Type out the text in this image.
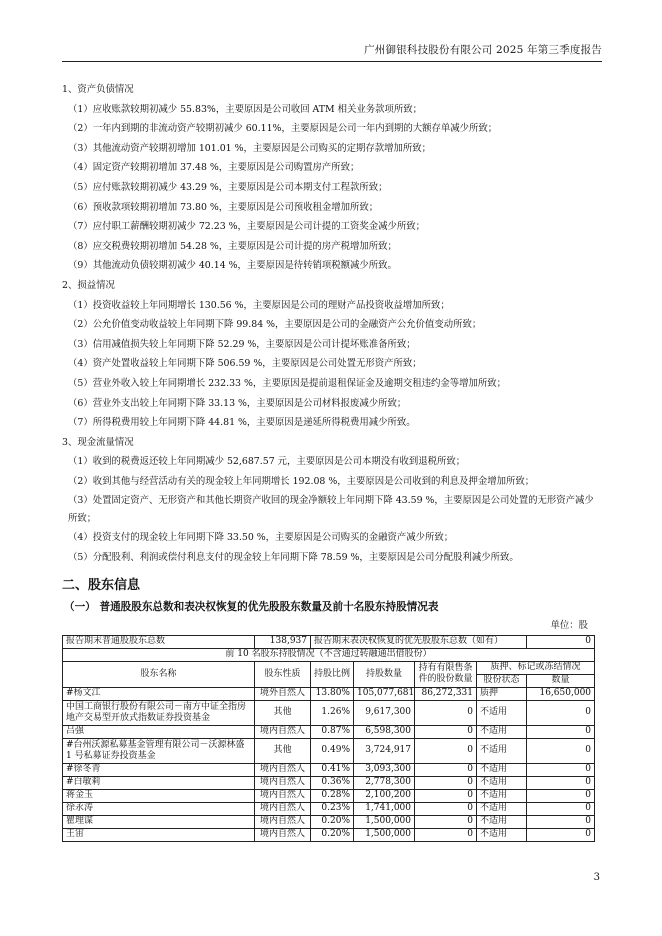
广州御银科技股份有限公司 2025 年第三季度报告
1、资产负债情况
（1）应收账款较期初减少 55.83%，主要原因是公司收回 ATM 相关业务款项所致；
（2）一年内到期的非流动资产较期初减少 60.11%，主要原因是公司一年内到期的大额存单减少所致；
（3）其他流动资产较期初增加 101.01 %，主要原因是公司购买的定期存款增加所致；
（4）固定资产较期初增加 37.48 %，主要原因是公司购置房产所致；
（5）应付账款较期初减少 43.29 %，主要原因是公司本期支付工程款所致；
（6）预收款项较期初增加 73.80 %，主要原因是公司预收租金增加所致；
（7）应付职工薪酬较期初减少 72.23 %，主要原因是公司计提的工资奖金减少所致；
（8）应交税费较期初增加 54.28 %，主要原因是公司计提的房产税增加所致；
（9）其他流动负债较期初减少 40.14 %，主要原因是待转销项税额减少所致。
2、损益情况
（1）投资收益较上年同期增长 130.56 %，主要原因是公司的理财产品投资收益增加所致；
（2）公允价值变动收益较上年同期下降 99.84 %，主要原因是公司的金融资产公允价值变动所致；
（3）信用减值损失较上年同期下降 52.29 %，主要原因是公司计提坏账准备所致；
（4）资产处置收益较上年同期下降 506.59 %，主要原因是公司处置无形资产所致；
（5）营业外收入较上年同期增长 232.33 %，主要原因是提前退租保证金及逾期交租违约金等增加所致；
（6）营业外支出较上年同期下降 33.13 %，主要原因是公司材料报废减少所致；
（7）所得税费用较上年同期下降 44.81 %，主要原因是递延所得税费用减少所致。
3、现金流量情况
（1）收到的税费返还较上年同期减少 52,687.57 元，主要原因是公司本期没有收到退税所致；
（2）收到其他与经营活动有关的现金较上年同期增长 192.08 %，主要原因是公司收到的利息及押金增加所致；
（3）处置固定资产、无形资产和其他长期资产收回的现金净额较上年同期下降 43.59 %，主要原因是公司处置的无形资产减少所致；
（4）投资支付的现金较上年同期下降 33.50 %，主要原因是公司购买的金融资产减少所致；
（5）分配股利、利润或偿付利息支付的现金较上年同期下降 78.59 %，主要原因是公司分配股利减少所致。
二、股东信息
（一） 普通股股东总数和表决权恢复的优先股股东数量及前十名股东持股情况表
单位：股
报告期末普通股股东总数	138,937	报告期末表决权恢复的优先股股东总数（如有）				0
前 10 名股东持股情况（不含通过转融通出借股份）						
股东名称	股东性质	持股比例	持股数量	持有有限售条件的股份数量	质押、标记或冻结情况	
					股份状态	数量
#杨文江	境外自然人	13.80%	105,077,681	86,272,331	质押	16,650,000
中国工商银行股份有限公司－南方中证全指房地产交易型开放式指数证券投资基金	其他	1.26%	9,617,300	0	不适用	0
吕强	境内自然人	0.87%	6,598,300	0	不适用	0
#台州沃源私募基金管理有限公司－沃源林盛 1 号私募证券投资基金	其他	0.49%	3,724,917	0	不适用	0
#徐冬青	境内自然人	0.41%	3,093,300	0	不适用	0
#白敏莉	境内自然人	0.36%	2,778,300	0	不适用	0
蒋金玉	境内自然人	0.28%	2,100,200	0	不适用	0
徐永涛	境内自然人	0.23%	1,741,000	0	不适用	0
瞿理谋	境内自然人	0.20%	1,500,000	0	不适用	0
王宙	境内自然人	0.20%	1,500,000	0	不适用	0
3
